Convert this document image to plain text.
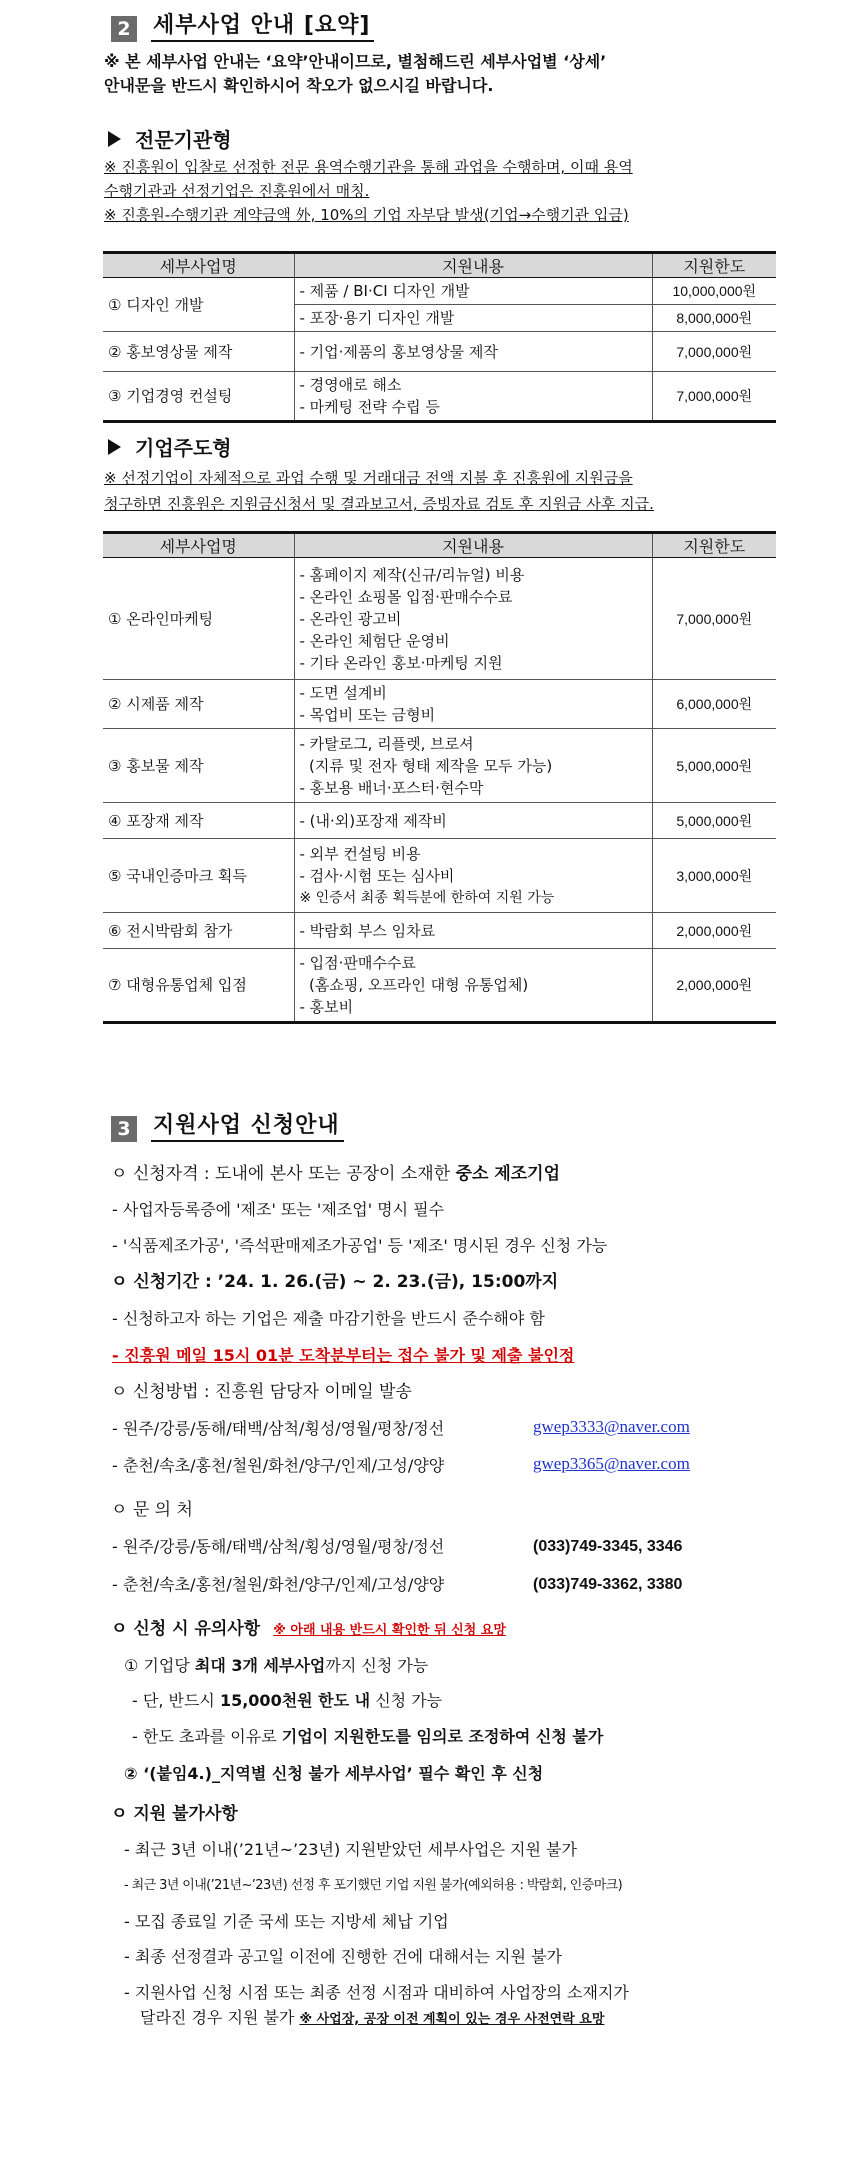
2 세부사업 안내 [요약]
※ 본 세부사업 안내는 ‘요약’안내이므로, 별첨해드린 세부사업별 ‘상세’
안내문을 반드시 확인하시어 착오가 없으시길 바랍니다.
전문기관형
※ 진흥원이 입찰로 선정한 전문 용역수행기관을 통해 과업을 수행하며, 이때 용역
수행기관과 선정기업은 진흥원에서 매칭.
※ 진흥원-수행기관 계약금액 外, 10%의 기업 자부담 발생(기업→수행기관 입금)
세부사업명	지원내용	지원한도
① 디자인 개발	- 제품 / BI·CI 디자인 개발	10,000,000원
	- 포장·용기 디자인 개발	8,000,000원
② 홍보영상물 제작	- 기업·제품의 홍보영상물 제작	7,000,000원
③ 기업경영 컨설팅	- 경영애로 해소
- 마케팅 전략 수립 등	7,000,000원
기업주도형
※ 선정기업이 자체적으로 과업 수행 및 거래대금 전액 지불 후 진흥원에 지원금을
청구하면 진흥원은 지원금신청서 및 결과보고서, 증빙자료 검토 후 지원금 사후 지급.
세부사업명	지원내용	지원한도
① 온라인마케팅	- 홈페이지 제작(신규/리뉴얼) 비용
- 온라인 쇼핑몰 입점·판매수수료
- 온라인 광고비
- 온라인 체험단 운영비
- 기타 온라인 홍보·마케팅 지원	7,000,000원
② 시제품 제작	- 도면 설계비
- 목업비 또는 금형비	6,000,000원
③ 홍보물 제작	- 카탈로그, 리플렛, 브로셔
(지류 및 전자 형태 제작을 모두 가능)
- 홍보용 배너·포스터·현수막	5,000,000원
④ 포장재 제작	- (내·외)포장재 제작비	5,000,000원
⑤ 국내인증마크 획득	- 외부 컨설팅 비용
- 검사·시험 또는 심사비
※ 인증서 최종 획득분에 한하여 지원 가능	3,000,000원
⑥ 전시박람회 참가	- 박람회 부스 임차료	2,000,000원
⑦ 대형유통업체 입점	- 입점·판매수수료
(홈쇼핑, 오프라인 대형 유통업체)
- 홍보비	2,000,000원
3 지원사업 신청안내
ㅇ 신청자격 : 도내에 본사 또는 공장이 소재한 중소 제조기업
- 사업자등록증에 '제조' 또는 '제조업' 명시 필수
- '식품제조가공', '즉석판매제조가공업' 등 '제조' 명시된 경우 신청 가능
ㅇ 신청기간 : ’24. 1. 26.(금) ~ 2. 23.(금), 15:00까지
- 신청하고자 하는 기업은 제출 마감기한을 반드시 준수해야 함
- 진흥원 메일 15시 01분 도착분부터는 접수 불가 및 제출 불인정
ㅇ 신청방법 : 진흥원 담당자 이메일 발송
- 원주/강릉/동해/태백/삼척/횡성/영월/평창/정선	gwep3333@naver.com
- 춘천/속초/홍천/철원/화천/양구/인제/고성/양양	gwep3365@naver.com
ㅇ 문 의 처
- 원주/강릉/동해/태백/삼척/횡성/영월/평창/정선	(033)749-3345, 3346
- 춘천/속초/홍천/철원/화천/양구/인제/고성/양양	(033)749-3362, 3380
ㅇ 신청 시 유의사항 ※ 아래 내용 반드시 확인한 뒤 신청 요망
① 기업당 최대 3개 세부사업까지 신청 가능
- 단, 반드시 15,000천원 한도 내 신청 가능
- 한도 초과를 이유로 기업이 지원한도를 임의로 조정하여 신청 불가
② ‘(붙임4.)_지역별 신청 불가 세부사업’ 필수 확인 후 신청
ㅇ 지원 불가사항
- 최근 3년 이내(’21년~’23년) 지원받았던 세부사업은 지원 불가
- 최근 3년 이내(’21년~’23년) 선정 후 포기했던 기업 지원 불가(예외허용 : 박람회, 인증마크)
- 모집 종료일 기준 국세 또는 지방세 체납 기업
- 최종 선정결과 공고일 이전에 진행한 건에 대해서는 지원 불가
- 지원사업 신청 시점 또는 최종 선정 시점과 대비하여 사업장의 소재지가
달라진 경우 지원 불가 ※ 사업장, 공장 이전 계획이 있는 경우 사전연락 요망
